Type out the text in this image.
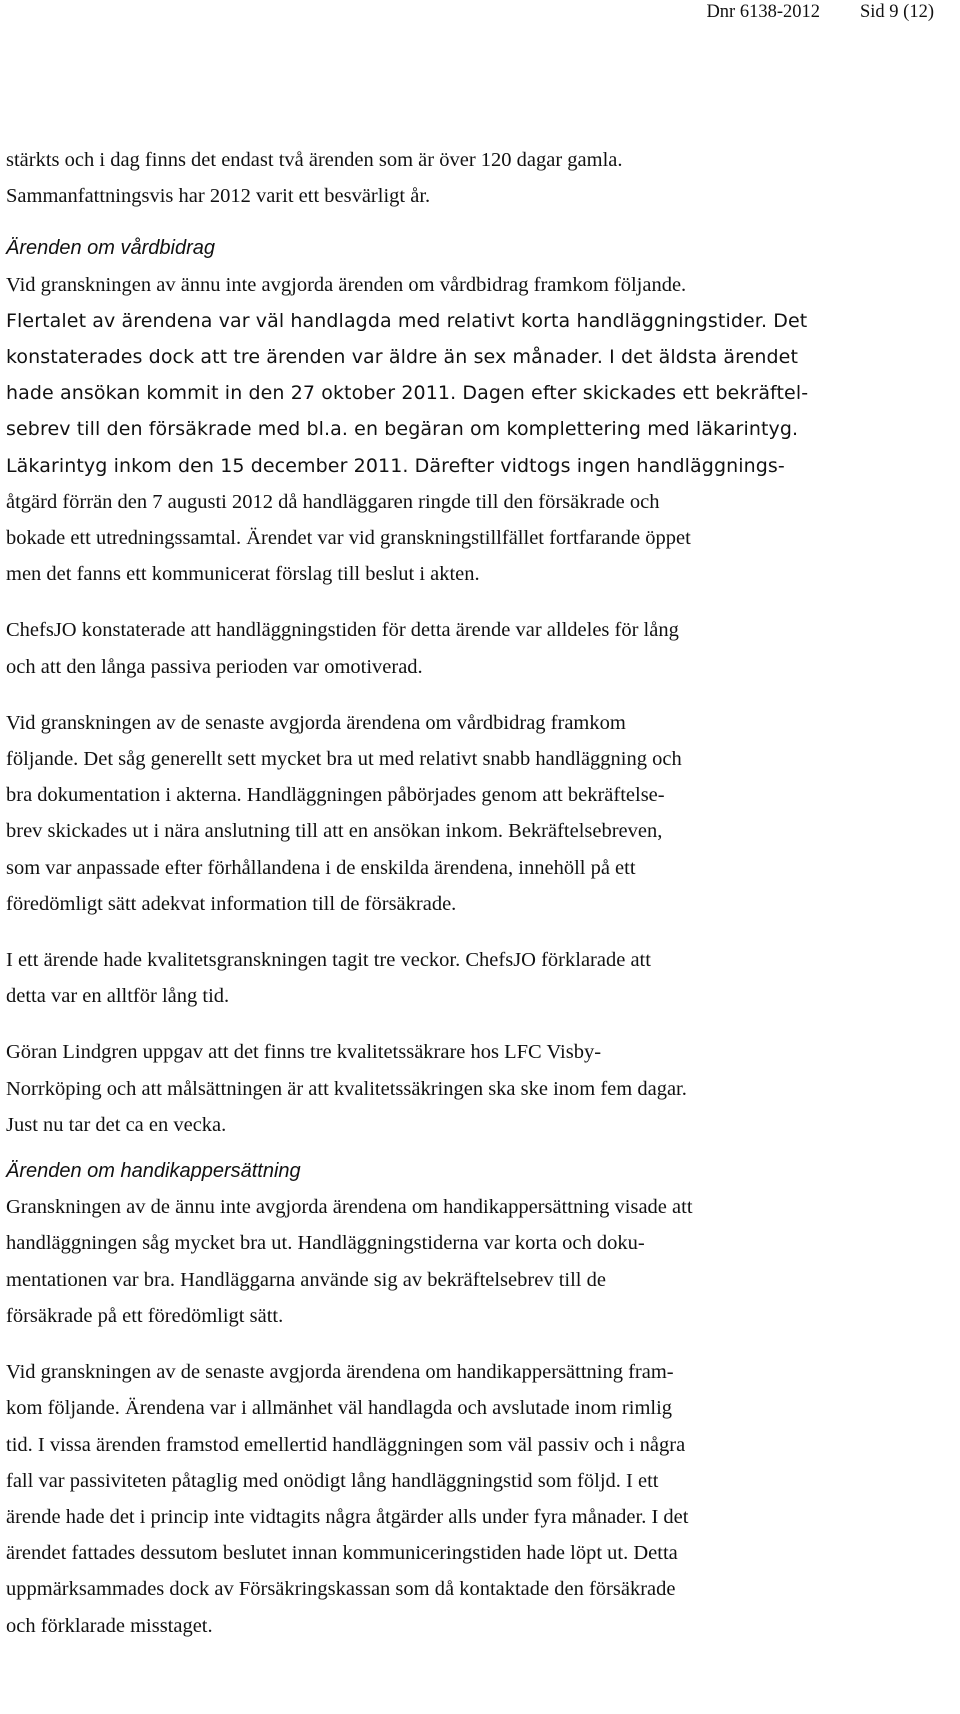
Dnr 6138-2012 Sid 9 (12)

stärkts och i dag finns det endast två ärenden som är över 120 dagar gamla.
Sammanfattningsvis har 2012 varit ett besvärligt år.

Ärenden om vårdbidrag

Vid granskningen av ännu inte avgjorda ärenden om vårdbidrag framkom följande.
Flertalet av ärendena var väl handlagda med relativt korta handläggningstider. Det
konstaterades dock att tre ärenden var äldre än sex månader. I det äldsta ärendet
hade ansökan kommit in den 27 oktober 2011. Dagen efter skickades ett bekräftel-
sebrev till den försäkrade med bl.a. en begäran om komplettering med läkarintyg.
Läkarintyg inkom den 15 december 2011. Därefter vidtogs ingen handläggnings-
åtgärd förrän den 7 augusti 2012 då handläggaren ringde till den försäkrade och
bokade ett utredningssamtal. Ärendet var vid granskningstillfället fortfarande öppet
men det fanns ett kommunicerat förslag till beslut i akten.

ChefsJO konstaterade att handläggningstiden för detta ärende var alldeles för lång
och att den långa passiva perioden var omotiverad.

Vid granskningen av de senaste avgjorda ärendena om vårdbidrag framkom
följande. Det såg generellt sett mycket bra ut med relativt snabb handläggning och
bra dokumentation i akterna. Handläggningen påbörjades genom att bekräftelse-
brev skickades ut i nära anslutning till att en ansökan inkom. Bekräftelsebreven,
som var anpassade efter förhållandena i de enskilda ärendena, innehöll på ett
föredömligt sätt adekvat information till de försäkrade.

I ett ärende hade kvalitetsgranskningen tagit tre veckor. ChefsJO förklarade att
detta var en alltför lång tid.

Göran Lindgren uppgav att det finns tre kvalitetssäkrare hos LFC Visby-
Norrköping och att målsättningen är att kvalitetssäkringen ska ske inom fem dagar.
Just nu tar det ca en vecka.

Ärenden om handikappersättning

Granskningen av de ännu inte avgjorda ärendena om handikappersättning visade att
handläggningen såg mycket bra ut. Handläggningstiderna var korta och doku-
mentationen var bra. Handläggarna använde sig av bekräftelsebrev till de
försäkrade på ett föredömligt sätt.

Vid granskningen av de senaste avgjorda ärendena om handikappersättning fram-
kom följande. Ärendena var i allmänhet väl handlagda och avslutade inom rimlig
tid. I vissa ärenden framstod emellertid handläggningen som väl passiv och i några
fall var passiviteten påtaglig med onödigt lång handläggningstid som följd. I ett
ärende hade det i princip inte vidtagits några åtgärder alls under fyra månader. I det
ärendet fattades dessutom beslutet innan kommuniceringstiden hade löpt ut. Detta
uppmärksammades dock av Försäkringskassan som då kontaktade den försäkrade
och förklarade misstaget.
